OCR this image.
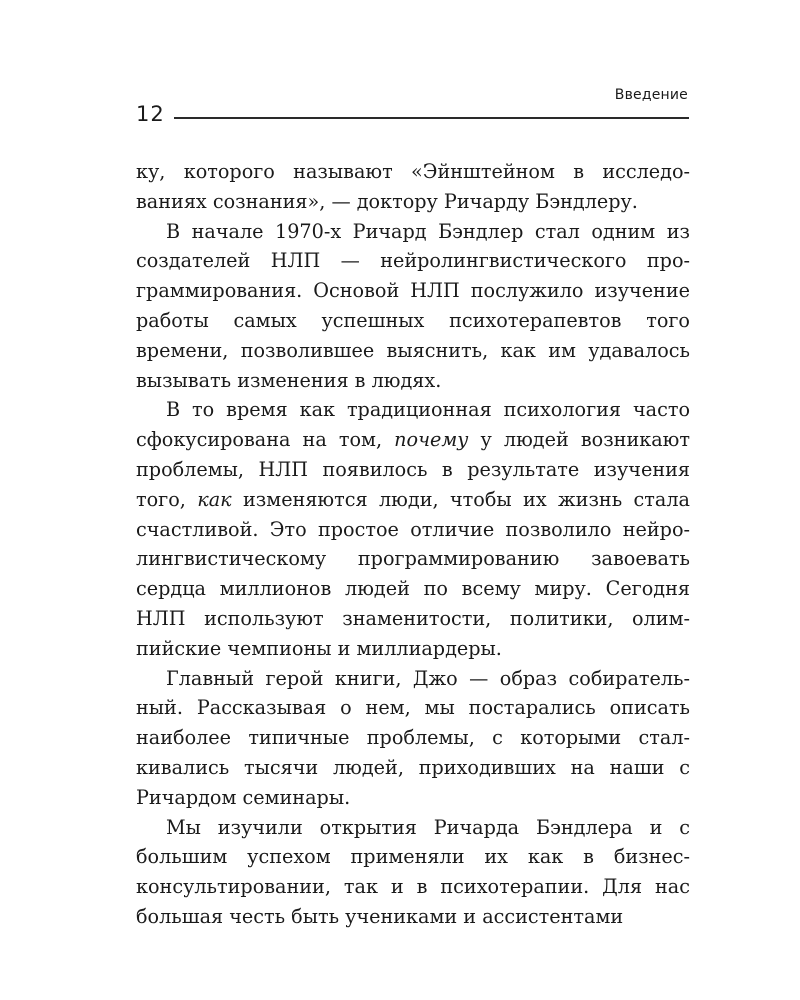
Введение
12

ку, которого называют «Эйнштейном в исследованиях сознания», — доктору Ричарду Бэндлеру.

В начале 1970-х Ричард Бэндлер стал одним из создателей НЛП — нейролингвистического программирования. Основой НЛП послужило изучение работы самых успешных психотерапевтов того времени, позволившее выяснить, как им удавалось вызывать изменения в людях.

В то время как традиционная психология часто сфокусирована на том, почему у людей возникают проблемы, НЛП появилось в результате изучения того, как изменяются люди, чтобы их жизнь стала счастливой. Это простое отличие позволило нейролингвистическому программированию завоевать сердца миллионов людей по всему миру. Сегодня НЛП используют знаменитости, политики, олимпийские чемпионы и миллиардеры.

Главный герой книги, Джо — образ собирательный. Рассказывая о нем, мы постарались описать наиболее типичные проблемы, с которыми сталкивались тысячи людей, приходивших на наши с Ричардом семинары.

Мы изучили открытия Ричарда Бэндлера и с большим успехом применяли их как в бизнес-консультировании, так и в психотерапии. Для нас большая честь быть учениками и ассистентами
